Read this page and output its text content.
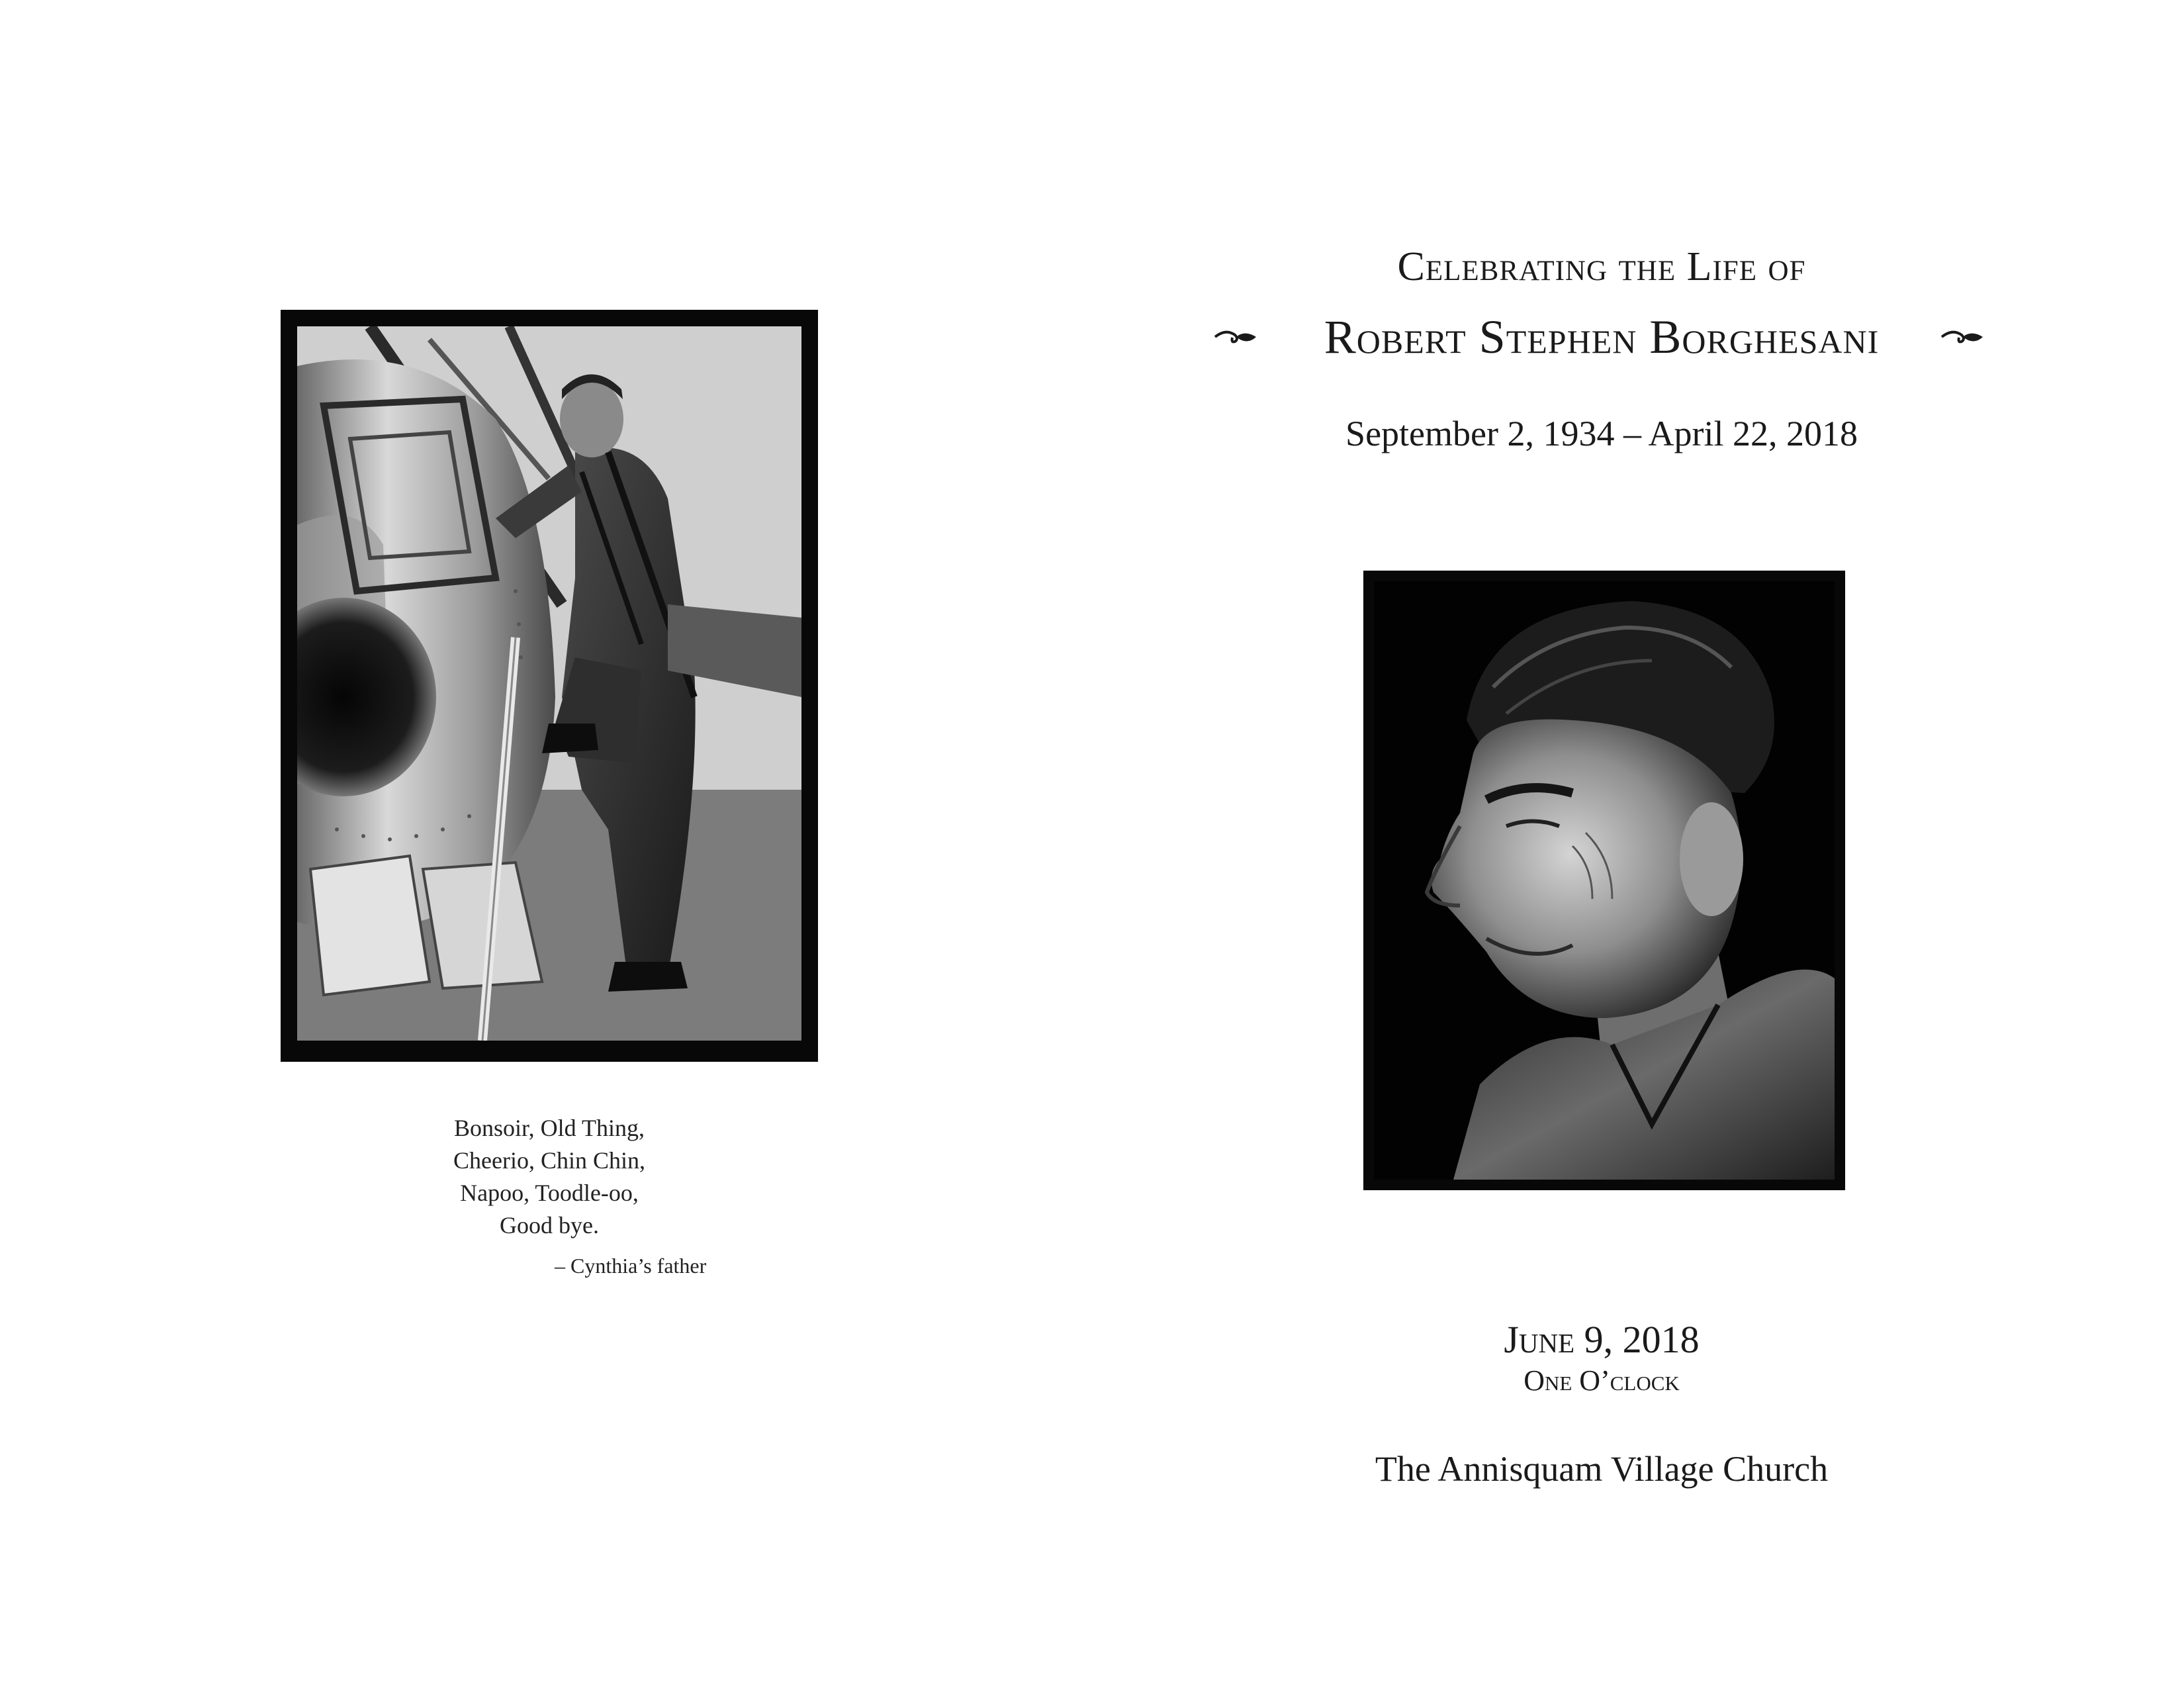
Bonsoir, Old Thing,
Cheerio, Chin Chin,
Napoo, Toodle-oo,
Good bye.
– Cynthia’s father
Celebrating the Life of
Robert Stephen Borghesani
September 2, 1934 – April 22, 2018
June 9, 2018
One O’clock
The Annisquam Village Church
